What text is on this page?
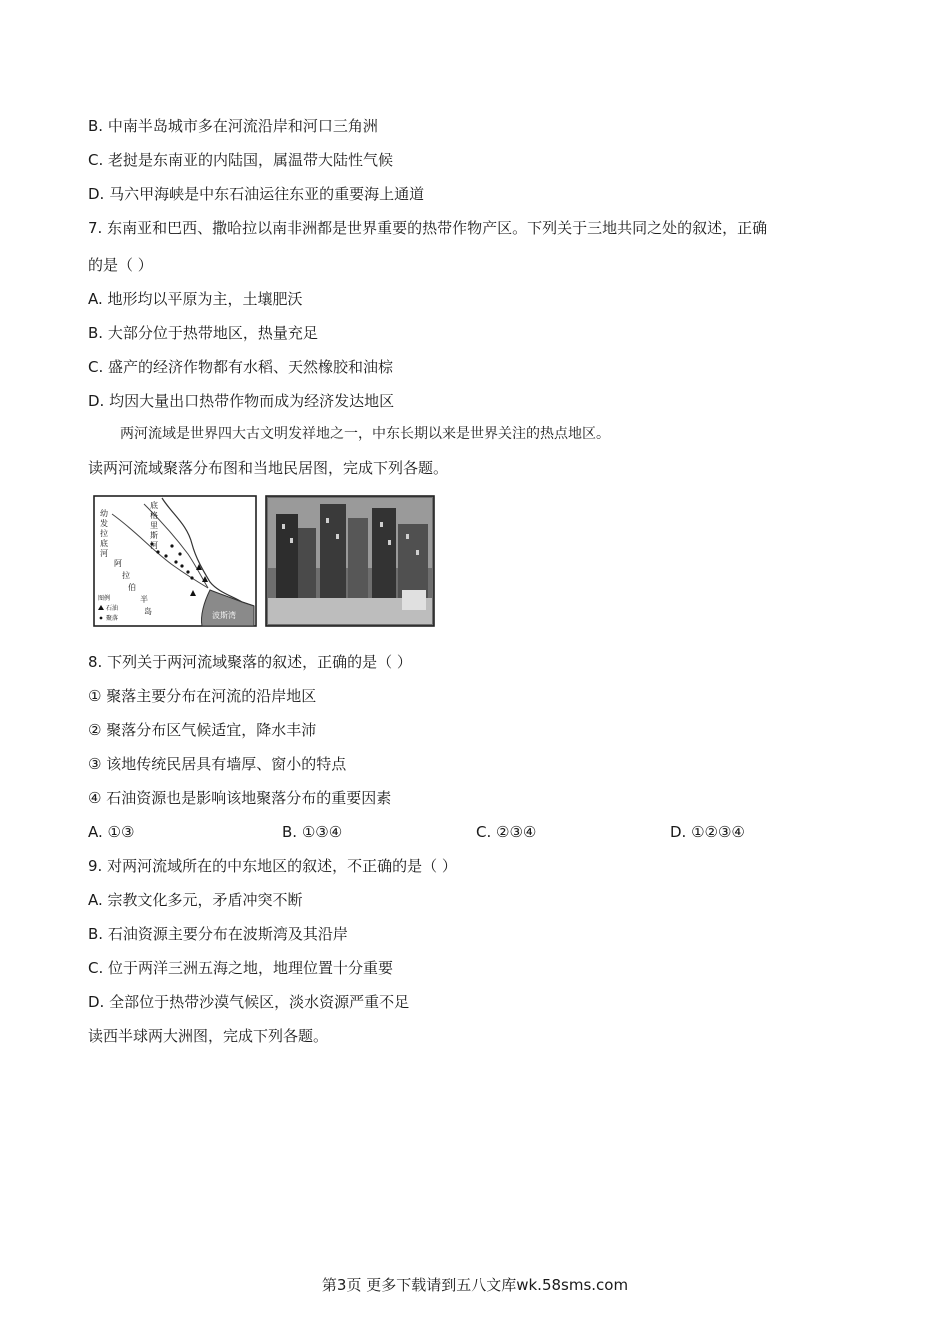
B. 中南半岛城市多在河流沿岸和河口三角洲
C. 老挝是东南亚的内陆国，属温带大陆性气候
D. 马六甲海峡是中东石油运往东亚的重要海上通道
7. 东南亚和巴西、撒哈拉以南非洲都是世界重要的热带作物产区。下列关于三地共同之处的叙述，正确
的是（ ）
A. 地形均以平原为主，土壤肥沃
B. 大部分位于热带地区，热量充足
C. 盛产的经济作物都有水稻、天然橡胶和油棕
D. 均因大量出口热带作物而成为经济发达地区
两河流域是世界四大古文明发祥地之一，中东长期以来是世界关注的热点地区。
读两河流域聚落分布图和当地民居图，完成下列各题。
幼
发
拉
底
河
底
格
里
斯
河
阿
拉
伯
半
岛	波斯湾
图例
石油
聚落
8. 下列关于两河流域聚落的叙述，正确的是（ ）
① 聚落主要分布在河流的沿岸地区
② 聚落分布区气候适宜，降水丰沛
③ 该地传统民居具有墙厚、窗小的特点
④ 石油资源也是影响该地聚落分布的重要因素
A. ①③	B. ①③④	C. ②③④	D. ①②③④
9. 对两河流域所在的中东地区的叙述，不正确的是（ ）
A. 宗教文化多元，矛盾冲突不断
B. 石油资源主要分布在波斯湾及其沿岸
C. 位于两洋三洲五海之地，地理位置十分重要
D. 全部位于热带沙漠气候区，淡水资源严重不足
读西半球两大洲图，完成下列各题。
第3页 更多下载请到五八文库wk.58sms.com
